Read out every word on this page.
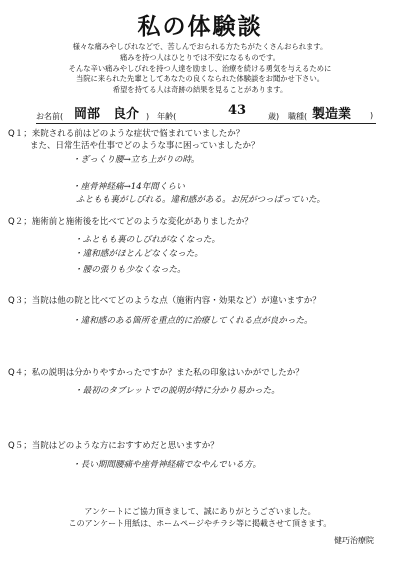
私の体験談
様々な痛みやしびれなどで、苦しんでおられる方たちがたくさんおられます。
痛みを持つ人はひとりでは不安になるものです。
そんな辛い痛みやしびれを持つ人達を励まし、治療を続ける勇気を与えるために
当院に来られた先輩としてあなたの良くなられた体験談をお聞かせ下さい。
希望を持てる人は奇跡の結果を見ることがあります。
お名前( 岡部　良介 )　年齢(	43	歳) 職種( 製造業 )
Q１；来院される前はどのような症状で悩まれていましたか？
また、日常生活や仕事でどのような事に困っていましたか？
・ぎっくり腰→立ち上がりの時。
・座骨神経痛→14年間くらい
ふともも裏がしびれる。違和感がある。お尻がつっぱっていた。
Q２；施術前と施術後を比べてどのような変化がありましたか？
・ふともも裏のしびれがなくなった。
・違和感がほとんどなくなった。
・腰の張りも少なくなった。
Q３；当院は他の院と比べてどのような点（施術内容・効果など）が違いますか？
・違和感のある箇所を重点的に治療してくれる点が良かった。
Q４；私の説明は分かりやすかったですか？また私の印象はいかがでしたか？
・最初のタブレットでの説明が特に分かり易かった。
Q５；当院はどのような方におすすめだと思いますか？
・長い期間腰痛や座骨神経痛でなやんでいる方。
アンケートにご協力頂きまして、誠にありがとうございました。
このアンケート用紙は、ホームページやチラシ等に掲載させて頂きます。
健巧治療院
